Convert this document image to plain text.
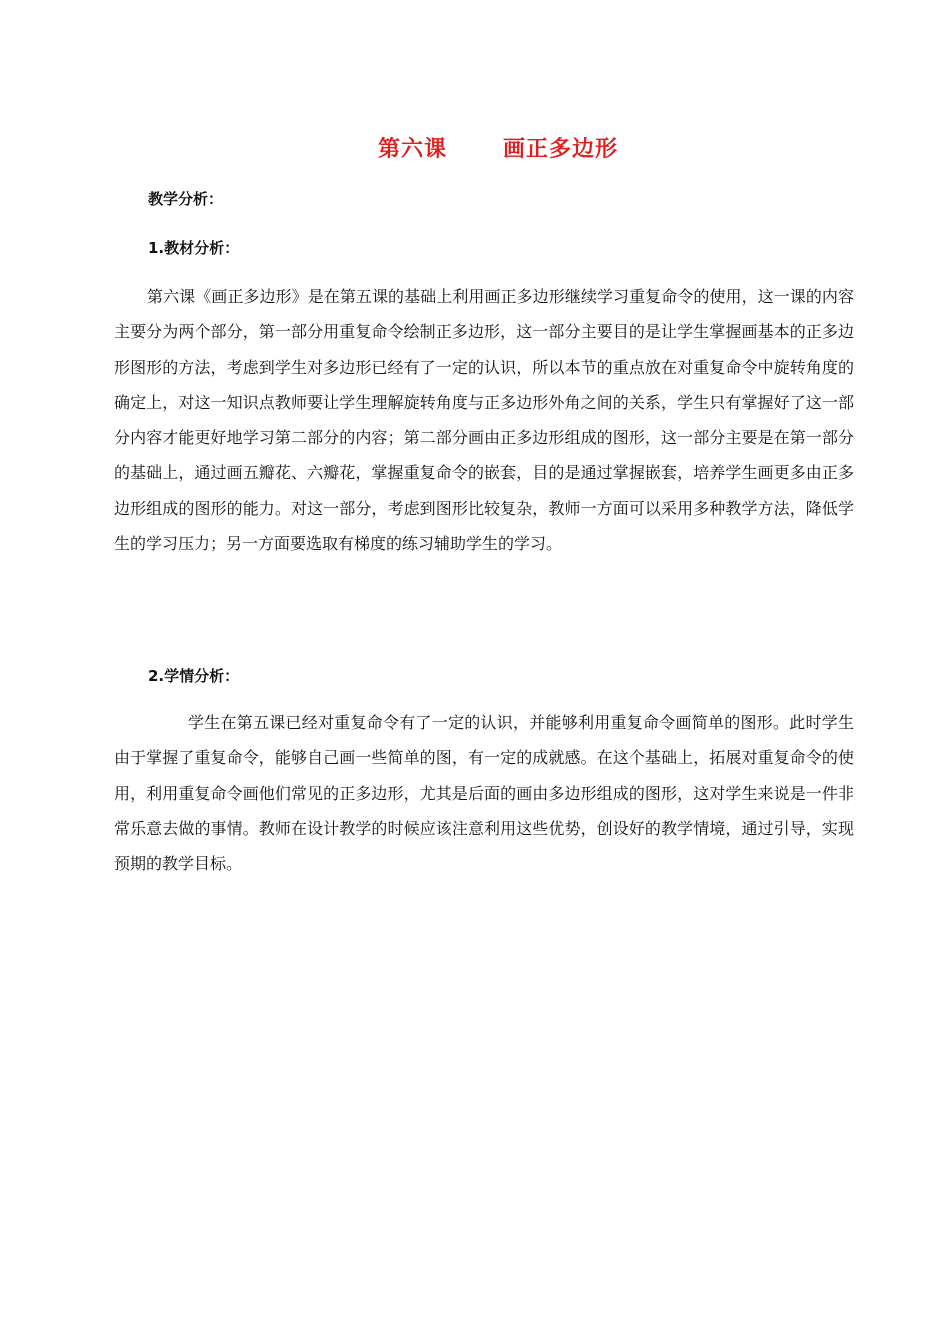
第六课	画正多边形
教学分析：
1.教材分析：

第六课《画正多边形》是在第五课的基础上利用画正多边形继续学习重复命令的使用，这一课的内容主要分为两个部分，第一部分用重复命令绘制正多边形，这一部分主要目的是让学生掌握画基本的正多边形图形的方法，考虑到学生对多边形已经有了一定的认识，所以本节的重点放在对重复命令中旋转角度的确定上，对这一知识点教师要让学生理解旋转角度与正多边形外角之间的关系，学生只有掌握好了这一部分内容才能更好地学习第二部分的内容；第二部分画由正多边形组成的图形，这一部分主要是在第一部分的基础上，通过画五瓣花、六瓣花，掌握重复命令的嵌套，目的是通过掌握嵌套，培养学生画更多由正多边形组成的图形的能力。对这一部分，考虑到图形比较复杂，教师一方面可以采用多种教学方法，降低学生的学习压力；另一方面要选取有梯度的练习辅助学生的学习。

2.学情分析：

学生在第五课已经对重复命令有了一定的认识，并能够利用重复命令画简单的图形。此时学生由于掌握了重复命令，能够自己画一些简单的图，有一定的成就感。在这个基础上，拓展对重复命令的使用，利用重复命令画他们常见的正多边形，尤其是后面的画由多边形组成的图形，这对学生来说是一件非常乐意去做的事情。教师在设计教学的时候应该注意利用这些优势，创设好的教学情境，通过引导，实现预期的教学目标。
